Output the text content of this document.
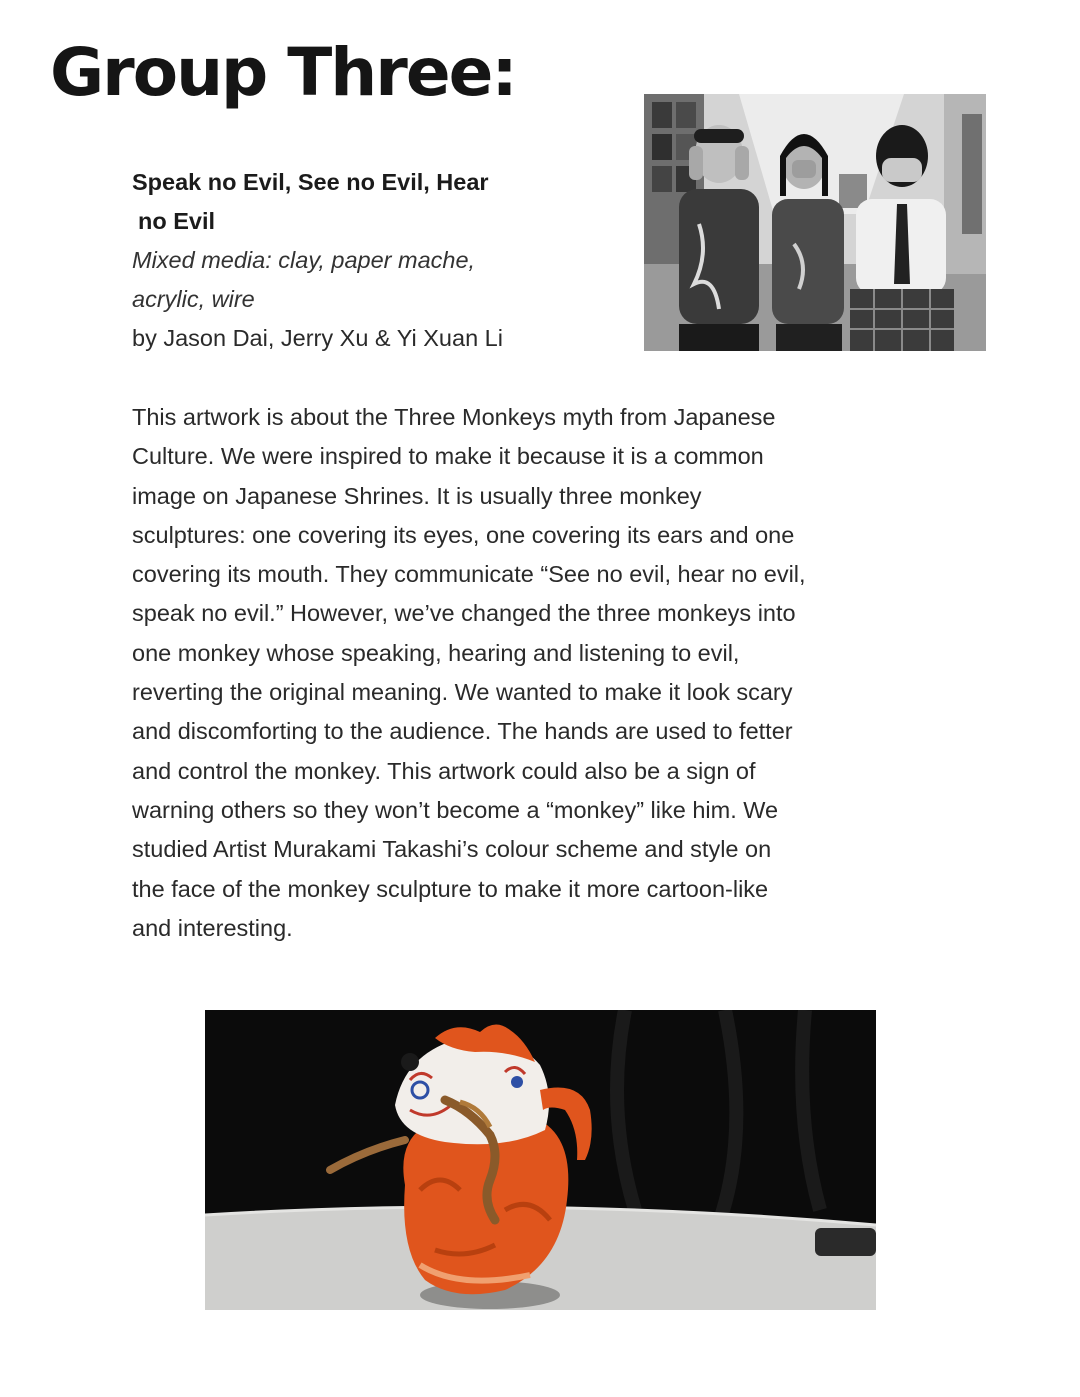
Group Three:
Speak no Evil, See no Evil, Hear
no Evil
Mixed media: clay, paper mache,
acrylic, wire
by Jason Dai, Jerry Xu & Yi Xuan Li
This artwork is about the Three Monkeys myth from Japanese
Culture. We were inspired to make it because it is a common
image on Japanese Shrines. It is usually three monkey
sculptures: one covering its eyes, one covering its ears and one
covering its mouth. They communicate “See no evil, hear no evil,
speak no evil.” However, we’ve changed the three monkeys into
one monkey whose speaking, hearing and listening to evil,
reverting the original meaning. We wanted to make it look scary
and discomforting to the audience. The hands are used to fetter
and control the monkey. This artwork could also be a sign of
warning others so they won’t become a “monkey” like him. We
studied Artist Murakami Takashi’s colour scheme and style on
the face of the monkey sculpture to make it more cartoon-like
and interesting.
